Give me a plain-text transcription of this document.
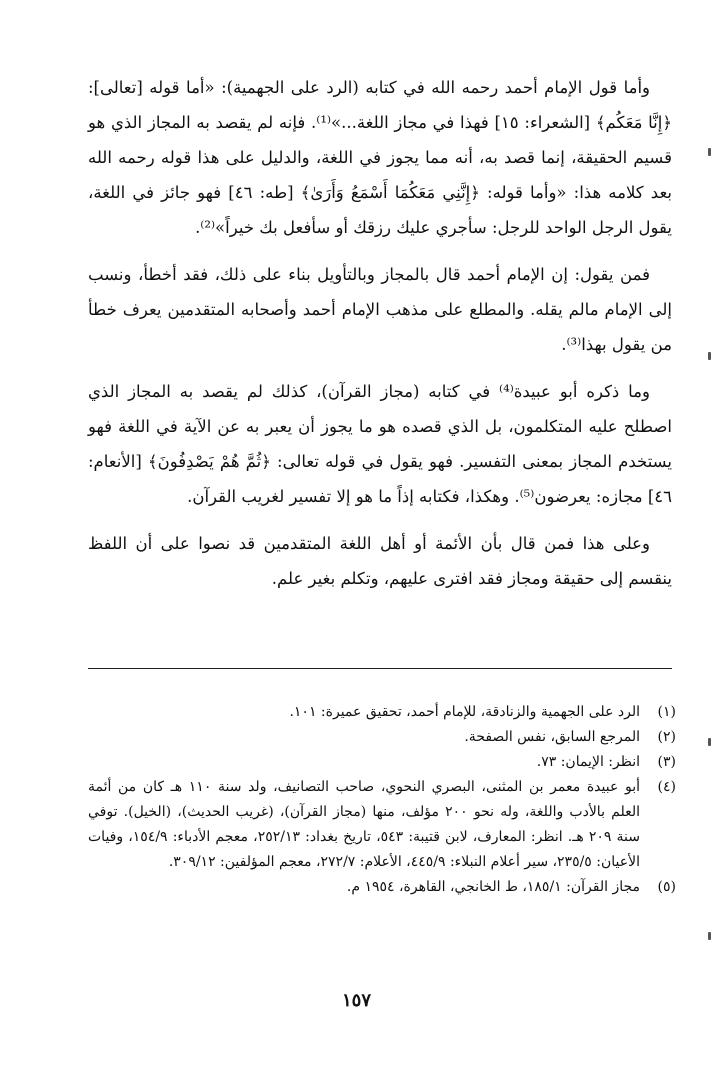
وأما قول الإمام أحمد رحمه الله في كتابه (الرد على الجهمية): «أما قوله [تعالى]: ﴿إِنَّا مَعَكُم﴾ [الشعراء: ١٥] فهذا في مجاز اللغة...»⁽¹⁾. فإنه لم يقصد به المجاز الذي هو قسيم الحقيقة، إنما قصد به، أنه مما يجوز في اللغة، والدليل على هذا قوله رحمه الله بعد كلامه هذا: «وأما قوله: ﴿إِنَّنِي مَعَكُمَا أَسْمَعُ وَأَرَىٰ﴾ [طه: ٤٦] فهو جائز في اللغة، يقول الرجل الواحد للرجل: سأجري عليك رزقك أو سأفعل بك خيراً»⁽²⁾.

فمن يقول: إن الإمام أحمد قال بالمجاز وبالتأويل بناء على ذلك، فقد أخطأ، ونسب إلى الإمام مالم يقله. والمطلع على مذهب الإمام أحمد وأصحابه المتقدمين يعرف خطأ من يقول بهذا⁽³⁾.

وما ذكره أبو عبيدة⁽⁴⁾ في كتابه (مجاز القرآن)، كذلك لم يقصد به المجاز الذي اصطلح عليه المتكلمون، بل الذي قصده هو ما يجوز أن يعبر به عن الآية في اللغة فهو يستخدم المجاز بمعنى التفسير. فهو يقول في قوله تعالى: ﴿ثُمَّ هُمْ يَصْدِفُونَ﴾ [الأنعام: ٤٦] مجازه: يعرضون⁽⁵⁾. وهكذا، فكتابه إذاً ما هو إلا تفسير لغريب القرآن.

وعلى هذا فمن قال بأن الأئمة أو أهل اللغة المتقدمين قد نصوا على أن اللفظ ينقسم إلى حقيقة ومجاز فقد افترى عليهم، وتكلم بغير علم.

(١)
الرد على الجهمية والزنادقة، للإمام أحمد، تحقيق عميرة: ١٠١.
(٢)
المرجع السابق، نفس الصفحة.
(٣)
انظر: الإيمان: ٧٣.
(٤)
أبو عبيدة معمر بن المثنى، البصري النحوي، صاحب التصانيف، ولد سنة ١١٠ هـ كان من أئمة العلم بالأدب واللغة، وله نحو ٢٠٠ مؤلف، منها (مجاز القرآن)، (غريب الحديث)، (الخيل). توفي سنة ٢٠٩ هـ. انظر: المعارف، لابن قتيبة: ٥٤٣، تاريخ بغداد: ٢٥٢/١٣، معجم الأدباء: ١٥٤/٩، وفيات الأعيان: ٢٣٥/٥، سير أعلام النبلاء: ٤٤٥/٩، الأعلام: ٢٧٢/٧، معجم المؤلفين: ٣٠٩/١٢.
(٥)
مجاز القرآن: ١٨٥/١، ط الخانجي، القاهرة، ١٩٥٤ م.
١٥٧
